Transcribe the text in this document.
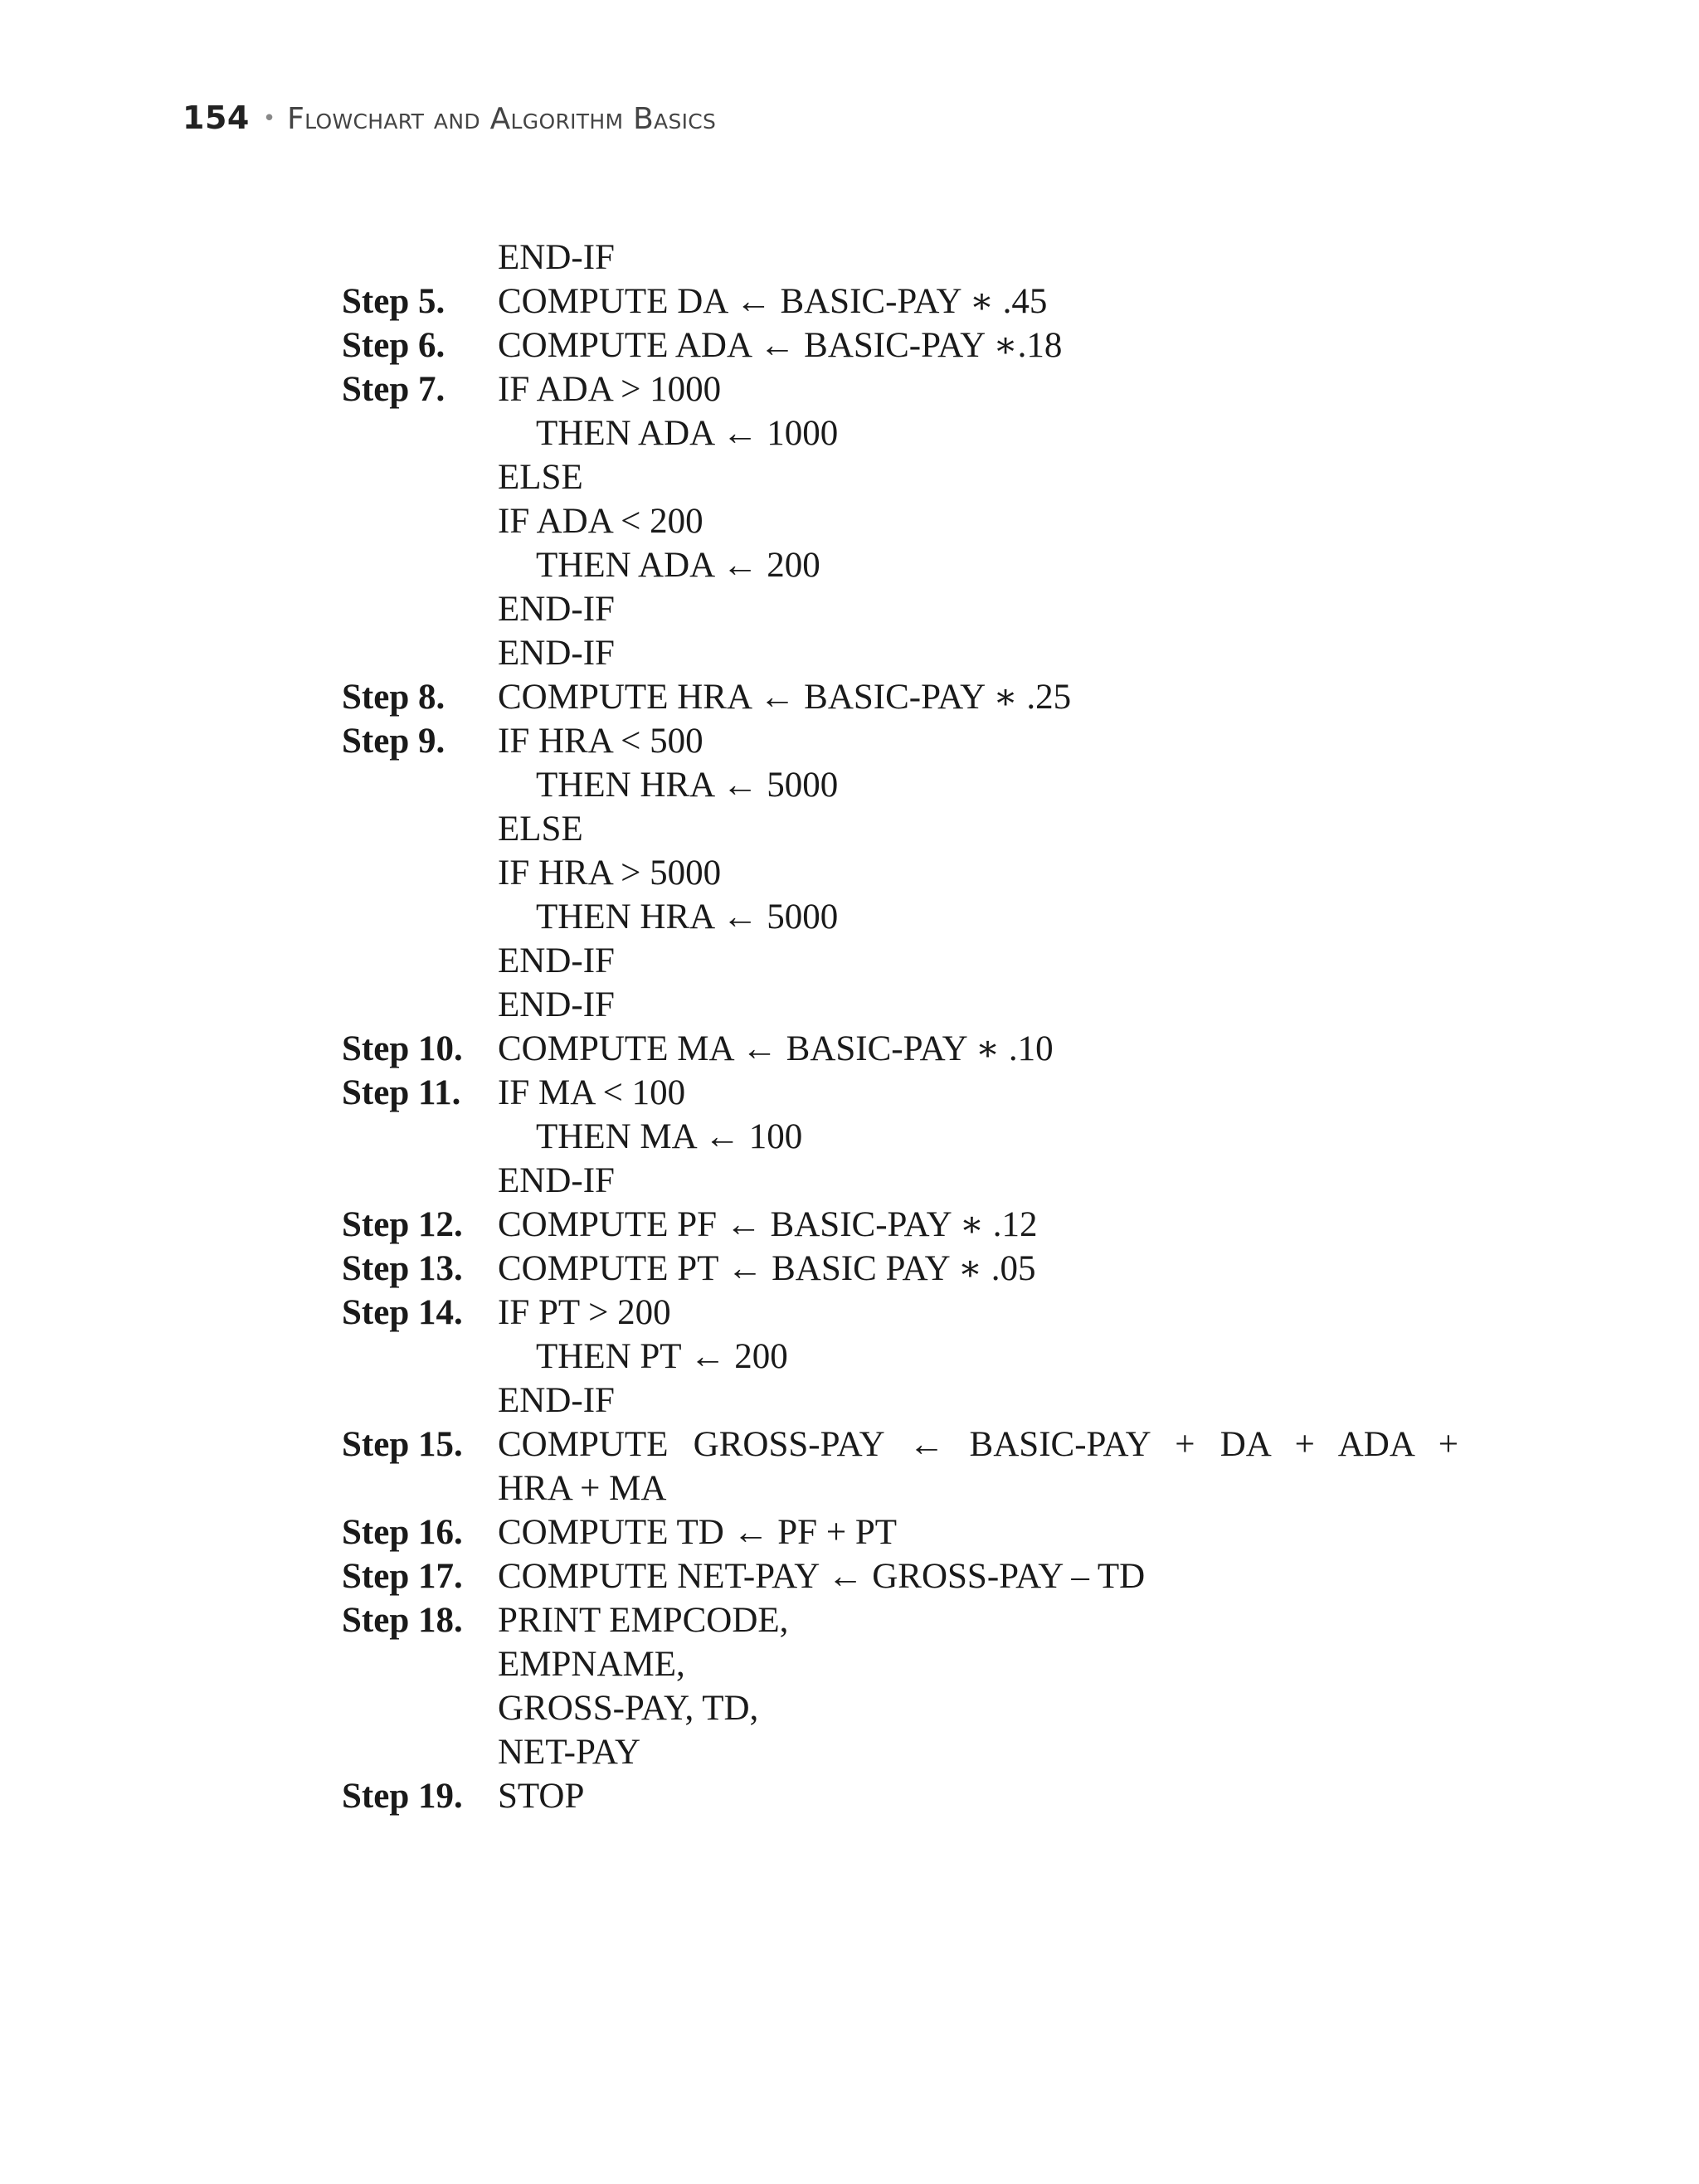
154 • Flowchart and Algorithm Basics
END-IF
Step 5. COMPUTE DA ← BASIC-PAY ∗ .45
Step 6. COMPUTE ADA ← BASIC-PAY ∗.18
Step 7. IF ADA > 1000
THEN ADA ← 1000
ELSE
IF ADA < 200
THEN ADA ← 200
END-IF
END-IF
Step 8. COMPUTE HRA ← BASIC-PAY ∗ .25
Step 9. IF HRA < 500
THEN HRA ← 5000
ELSE
IF HRA > 5000
THEN HRA ← 5000
END-IF
END-IF
Step 10. COMPUTE MA ← BASIC-PAY ∗ .10
Step 11. IF MA < 100
THEN MA ← 100
END-IF
Step 12. COMPUTE PF ← BASIC-PAY ∗ .12
Step 13. COMPUTE PT ← BASIC PAY ∗ .05
Step 14. IF PT > 200
THEN PT ← 200
END-IF
Step 15. COMPUTE GROSS-PAY ← BASIC-PAY + DA + ADA +
HRA + MA
Step 16. COMPUTE TD ← PF + PT
Step 17. COMPUTE NET-PAY ← GROSS-PAY – TD
Step 18. PRINT EMPCODE,
EMPNAME,
GROSS-PAY, TD,
NET-PAY
Step 19. STOP
